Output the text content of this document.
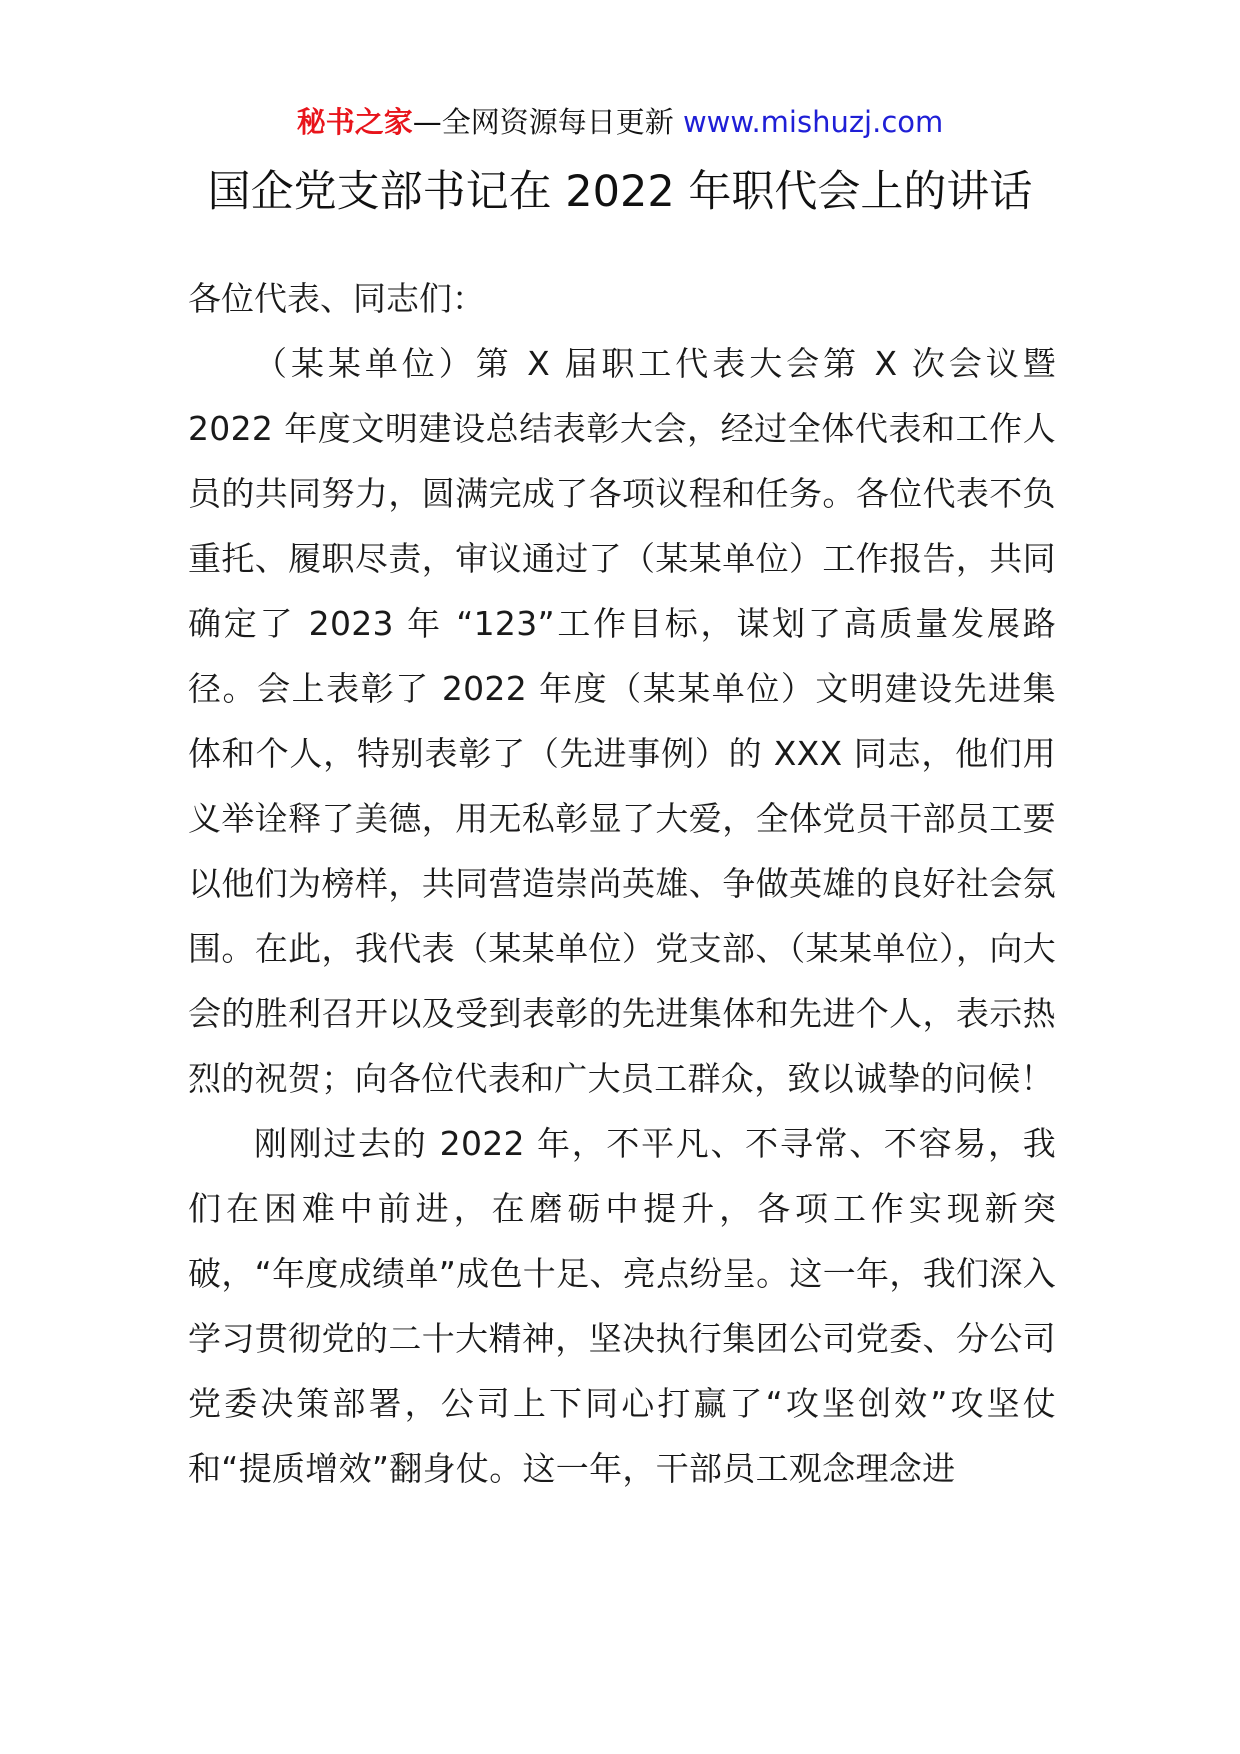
秘书之家—全网资源每日更新 www.mishuzj.com
国企党支部书记在 2022 年职代会上的讲话

各位代表、同志们：

（某某单位）第 X 届职工代表大会第 X 次会议暨 2022 年度文明建设总结表彰大会，经过全体代表和工作人员的共同努力，圆满完成了各项议程和任务。各位代表不负重托、履职尽责，审议通过了（某某单位）工作报告，共同确定了 2023 年 “123”工作目标，谋划了高质量发展路径。会上表彰了 2022 年度（某某单位）文明建设先进集体和个人，特别表彰了（先进事例）的 XXX 同志，他们用义举诠释了美德，用无私彰显了大爱，全体党员干部员工要以他们为榜样，共同营造崇尚英雄、争做英雄的良好社会氛围。在此，我代表（某某单位）党支部、（某某单位），向大会的胜利召开以及受到表彰的先进集体和先进个人，表示热烈的祝贺；向各位代表和广大员工群众，致以诚挚的问候！

刚刚过去的 2022 年，不平凡、不寻常、不容易，我们在困难中前进，在磨砺中提升，各项工作实现新突破，“年度成绩单”成色十足、亮点纷呈。这一年，我们深入学习贯彻党的二十大精神，坚决执行集团公司党委、分公司党委决策部署，公司上下同心打赢了“攻坚创效”攻坚仗和“提质增效”翻身仗。这一年，干部员工观念理念进
